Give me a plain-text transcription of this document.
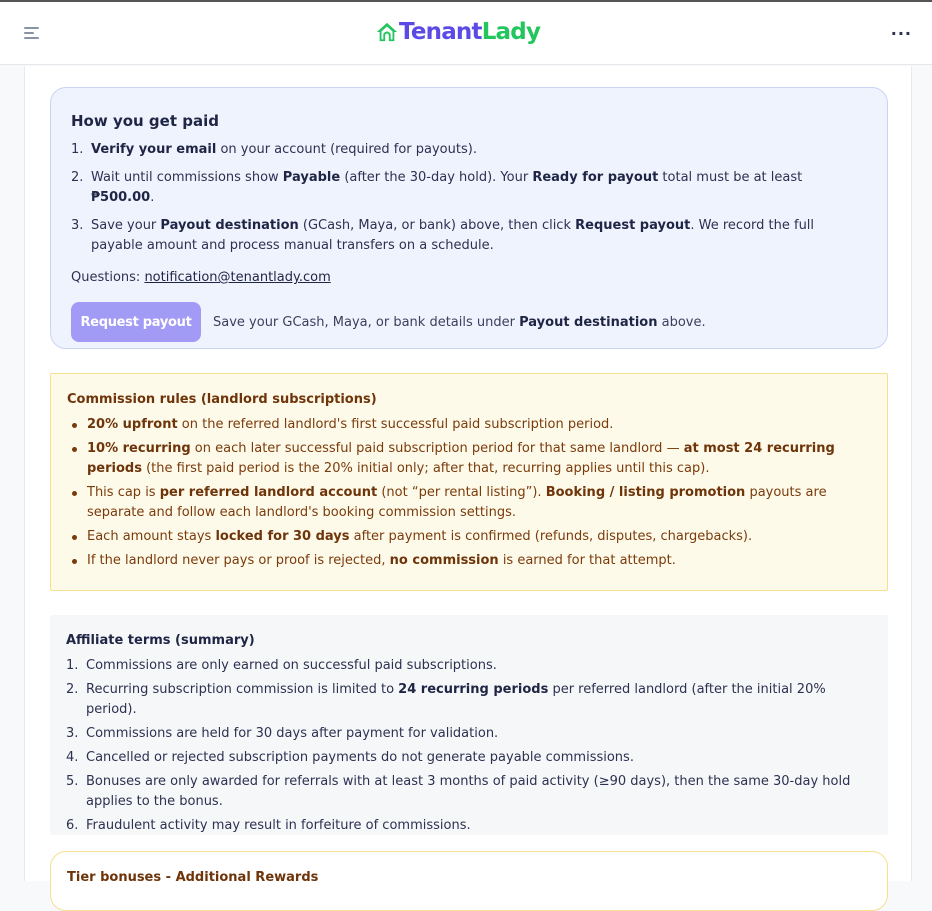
Tenant Lady	···
How you get paid
1. Verify your email on your account (required for payouts).
2. Wait until commissions show Payable (after the 30-day hold). Your Ready for payout total must be at least ₱500.00.
3. Save your Payout destination (GCash, Maya, or bank) above, then click Request payout. We record the full payable amount and process manual transfers on a schedule.
Questions: notification@tenantlady.com
Request payout	Save your GCash, Maya, or bank details under Payout destination above.
Commission rules (landlord subscriptions)
20% upfront on the referred landlord's first successful paid subscription period.
10% recurring on each later successful paid subscription period for that same landlord — at most 24 recurring periods (the first paid period is the 20% initial only; after that, recurring applies until this cap).
This cap is per referred landlord account (not “per rental listing”). Booking / listing promotion payouts are separate and follow each landlord's booking commission settings.
Each amount stays locked for 30 days after payment is confirmed (refunds, disputes, chargebacks).
If the landlord never pays or proof is rejected, no commission is earned for that attempt.
Affiliate terms (summary)
1. Commissions are only earned on successful paid subscriptions.
2. Recurring subscription commission is limited to 24 recurring periods per referred landlord (after the initial 20% period).
3. Commissions are held for 30 days after payment for validation.
4. Cancelled or rejected subscription payments do not generate payable commissions.
5. Bonuses are only awarded for referrals with at least 3 months of paid activity (≥90 days), then the same 30-day hold applies to the bonus.
6. Fraudulent activity may result in forfeiture of commissions.
Tier bonuses - Additional Rewards
